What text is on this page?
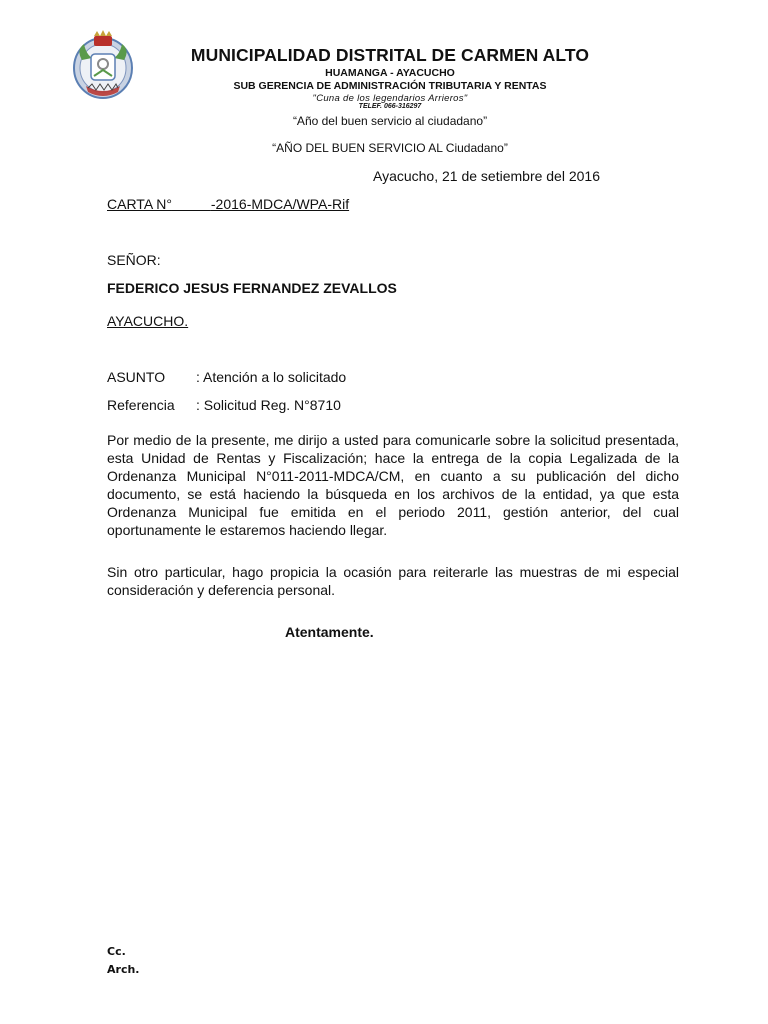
MUNICIPALIDAD DISTRITAL DE CARMEN ALTO
HUAMANGA - AYACUCHO
SUB GERENCIA DE ADMINISTRACIÓN TRIBUTARIA Y RENTAS
"Cuna de los legendarios Arrieros"
TELEF. 066-316297
“Año del buen servicio al ciudadano”
“AÑO DEL BUEN SERVICIO AL Ciudadano”
Ayacucho, 21 de setiembre del 2016
CARTA N°	-2016-MDCA/WPA-Rif
SEÑOR:
FEDERICO JESUS FERNANDEZ ZEVALLOS
AYACUCHO.
ASUNTO : Atención a lo solicitado
Referencia : Solicitud Reg. N°8710
Por medio de la presente, me dirijo a usted para comunicarle sobre la solicitud presentada, esta Unidad de Rentas y Fiscalización; hace la entrega de la copia Legalizada de la Ordenanza Municipal N°011-2011-MDCA/CM, en cuanto a su publicación del dicho documento, se está haciendo la búsqueda en los archivos de la entidad, ya que esta Ordenanza Municipal fue emitida en el periodo 2011, gestión anterior, del cual oportunamente le estaremos haciendo llegar.
Sin otro particular, hago propicia la ocasión para reiterarle las muestras de mi especial consideración y deferencia personal.
Atentamente.
Cc.
Arch.
